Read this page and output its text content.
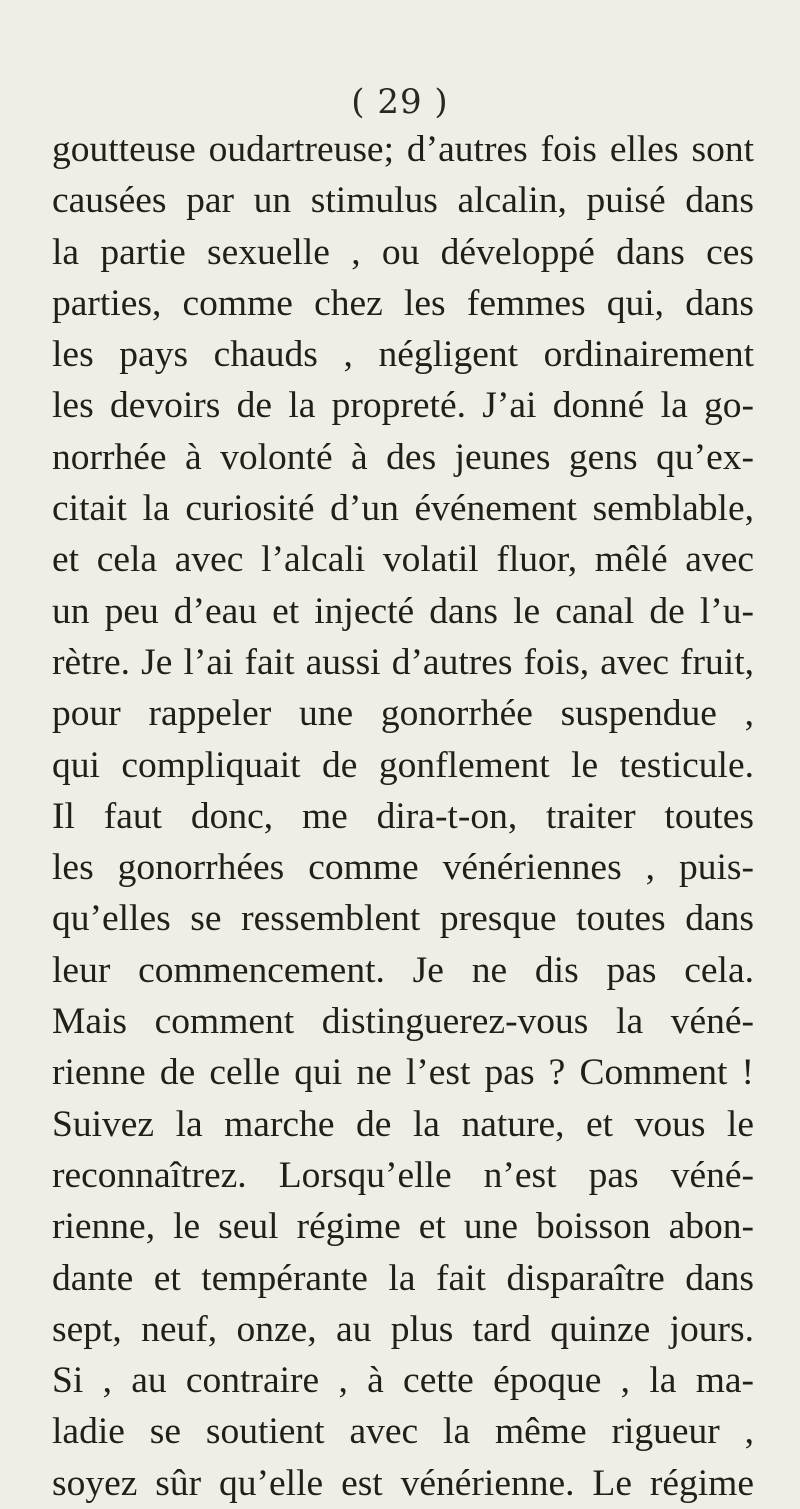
( 29 )
goutteuse oudartreuse; d’autres fois elles sont
causées par un stimulus alcalin, puisé dans
la partie sexuelle , ou développé dans ces
parties, comme chez les femmes qui, dans
les pays chauds , négligent ordinairement
les devoirs de la propreté. J’ai donné la go-
norrhée à volonté à des jeunes gens qu’ex-
citait la curiosité d’un événement semblable,
et cela avec l’alcali volatil fluor, mêlé avec
un peu d’eau et injecté dans le canal de l’u-
rètre. Je l’ai fait aussi d’autres fois, avec fruit,
pour rappeler une gonorrhée suspendue ,
qui compliquait de gonflement le testicule.
Il faut donc, me dira-t-on, traiter toutes
les gonorrhées comme vénériennes , puis-
qu’elles se ressemblent presque toutes dans
leur commencement. Je ne dis pas cela.
Mais comment distinguerez-vous la véné-
rienne de celle qui ne l’est pas ? Comment !
Suivez la marche de la nature, et vous le
reconnaîtrez. Lorsqu’elle n’est pas véné-
rienne, le seul régime et une boisson abon-
dante et tempérante la fait disparaître dans
sept, neuf, onze, au plus tard quinze jours.
Si , au contraire , à cette époque , la ma-
ladie se soutient avec la même rigueur ,
soyez sûr qu’elle est vénérienne. Le régime
